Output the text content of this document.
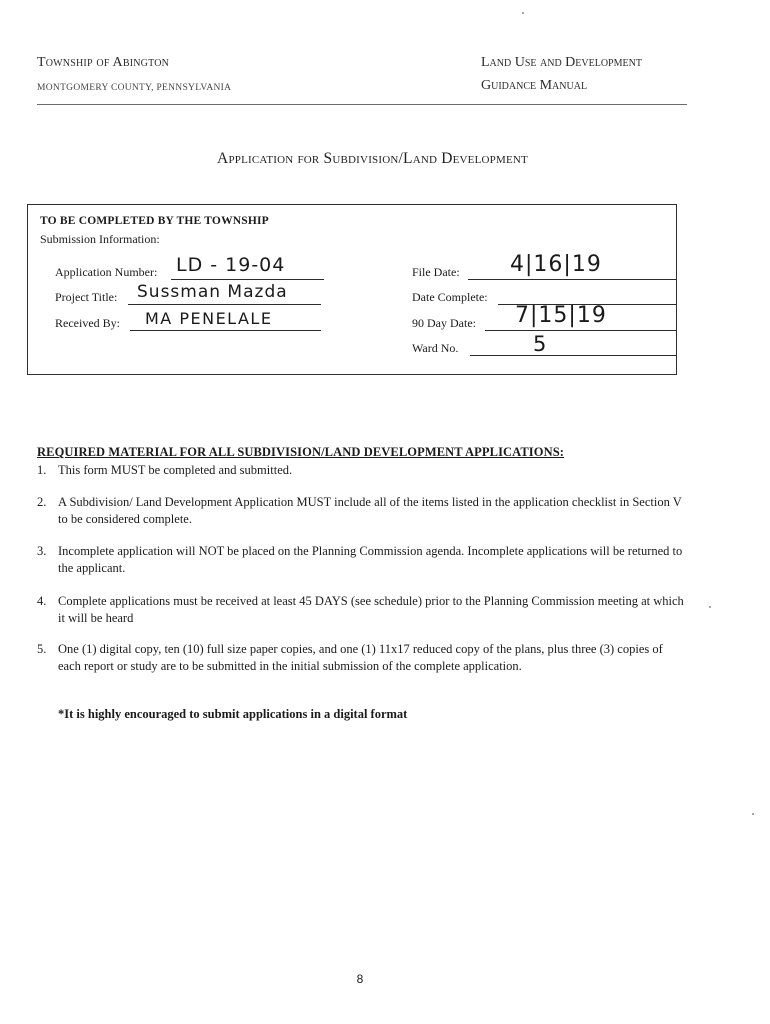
Township of Abington
MONTGOMERY COUNTY, PENNSYLVANIA
Land Use and Development
Guidance Manual
Application for Subdivision/Land Development
TO BE COMPLETED BY THE TOWNSHIP
Submission Information:
Application Number: LD - 19-04
Project Title: Sussman Mazda
Received By: MA PENELALE
File Date: 4|16|19
Date Complete:
90 Day Date: 7|15|19
Ward No.	5
REQUIRED MATERIAL FOR ALL SUBDIVISION/LAND DEVELOPMENT APPLICATIONS:
1. This form MUST be completed and submitted.
2. A Subdivision/ Land Development Application MUST include all of the items listed in the application checklist in Section V to be considered complete.
3. Incomplete application will NOT be placed on the Planning Commission agenda. Incomplete applications will be returned to the applicant.
4. Complete applications must be received at least 45 DAYS (see schedule) prior to the Planning Commission meeting at which it will be heard
5. One (1) digital copy, ten (10) full size paper copies, and one (1) 11x17 reduced copy of the plans, plus three (3) copies of each report or study are to be submitted in the initial submission of the complete application.
*It is highly encouraged to submit applications in a digital format
8
